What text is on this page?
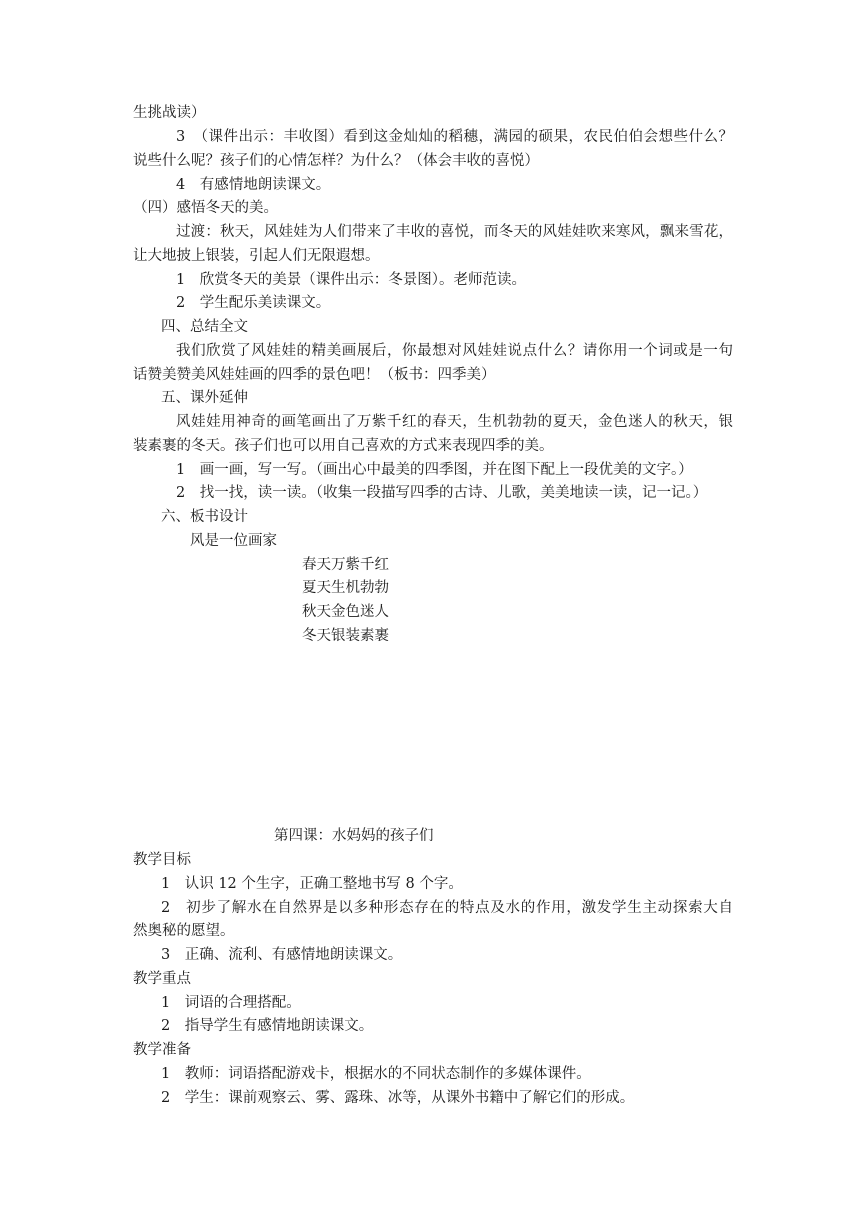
生挑战读）
3　（课件出示：丰收图）看到这金灿灿的稻穗，满园的硕果，农民伯伯会想些什么？
说些什么呢？孩子们的心情怎样？为什么？（体会丰收的喜悦）
4　有感情地朗读课文。
（四）感悟冬天的美。
过渡：秋天，风娃娃为人们带来了丰收的喜悦，而冬天的风娃娃吹来寒风，飘来雪花，
让大地披上银装，引起人们无限遐想。
1　欣赏冬天的美景（课件出示：冬景图）。老师范读。
2　学生配乐美读课文。
四、总结全文
我们欣赏了风娃娃的精美画展后，你最想对风娃娃说点什么？请你用一个词或是一句
话赞美赞美风娃娃画的四季的景色吧！（板书：四季美）
五、课外延伸
风娃娃用神奇的画笔画出了万紫千红的春天，生机勃勃的夏天，金色迷人的秋天，银
装素裹的冬天。孩子们也可以用自己喜欢的方式来表现四季的美。
1　画一画，写一写。（画出心中最美的四季图，并在图下配上一段优美的文字。）
2　找一找，读一读。（收集一段描写四季的古诗、儿歌，美美地读一读，记一记。）
六、板书设计
风是一位画家
春天万紫千红
夏天生机勃勃
秋天金色迷人
冬天银装素裹
第四课：水妈妈的孩子们
教学目标
1　认识 12 个生字，正确工整地书写 8 个字。
2　初步了解水在自然界是以多种形态存在的特点及水的作用，激发学生主动探索大自
然奥秘的愿望。
3　正确、流利、有感情地朗读课文。
教学重点
1　词语的合理搭配。
2　指导学生有感情地朗读课文。
教学准备
1　教师：词语搭配游戏卡，根据水的不同状态制作的多媒体课件。
2　学生：课前观察云、雾、露珠、冰等，从课外书籍中了解它们的形成。
